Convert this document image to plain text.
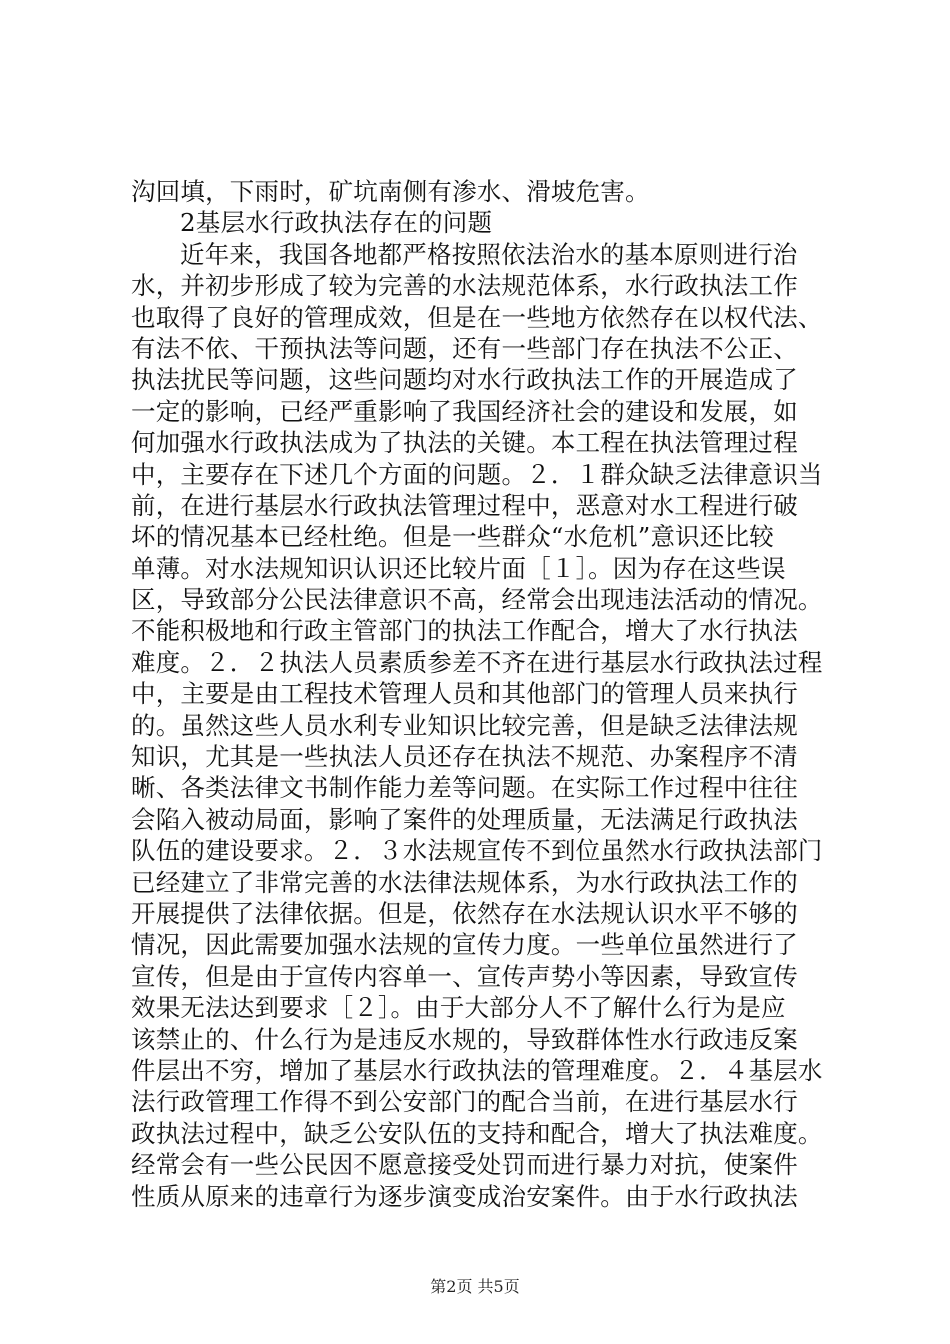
沟回填，下雨时，矿坑南侧有渗水、滑坡危害。
2基层水行政执法存在的问题
近年来，我国各地都严格按照依法治水的基本原则进行治
水，并初步形成了较为完善的水法规范体系，水行政执法工作
也取得了良好的管理成效，但是在一些地方依然存在以权代法、
有法不依、干预执法等问题，还有一些部门存在执法不公正、
执法扰民等问题，这些问题均对水行政执法工作的开展造成了
一定的影响，已经严重影响了我国经济社会的建设和发展，如
何加强水行政执法成为了执法的关键。本工程在执法管理过程
中，主要存在下述几个方面的问题。２．１群众缺乏法律意识当
前，在进行基层水行政执法管理过程中，恶意对水工程进行破
坏的情况基本已经杜绝。但是一些群众“水危机”意识还比较
单薄。对水法规知识认识还比较片面［１］。因为存在这些误
区，导致部分公民法律意识不高，经常会出现违法活动的情况。
不能积极地和行政主管部门的执法工作配合，增大了水行执法
难度。２．２执法人员素质参差不齐在进行基层水行政执法过程
中，主要是由工程技术管理人员和其他部门的管理人员来执行
的。虽然这些人员水利专业知识比较完善，但是缺乏法律法规
知识，尤其是一些执法人员还存在执法不规范、办案程序不清
晰、各类法律文书制作能力差等问题。在实际工作过程中往往
会陷入被动局面，影响了案件的处理质量，无法满足行政执法
队伍的建设要求。２．３水法规宣传不到位虽然水行政执法部门
已经建立了非常完善的水法律法规体系，为水行政执法工作的
开展提供了法律依据。但是，依然存在水法规认识水平不够的
情况，因此需要加强水法规的宣传力度。一些单位虽然进行了
宣传，但是由于宣传内容单一、宣传声势小等因素，导致宣传
效果无法达到要求［２］。由于大部分人不了解什么行为是应
该禁止的、什么行为是违反水规的，导致群体性水行政违反案
件层出不穷，增加了基层水行政执法的管理难度。２．４基层水
法行政管理工作得不到公安部门的配合当前，在进行基层水行
政执法过程中，缺乏公安队伍的支持和配合，增大了执法难度。
经常会有一些公民因不愿意接受处罚而进行暴力对抗，使案件
性质从原来的违章行为逐步演变成治安案件。由于水行政执法
第2页 共5页
